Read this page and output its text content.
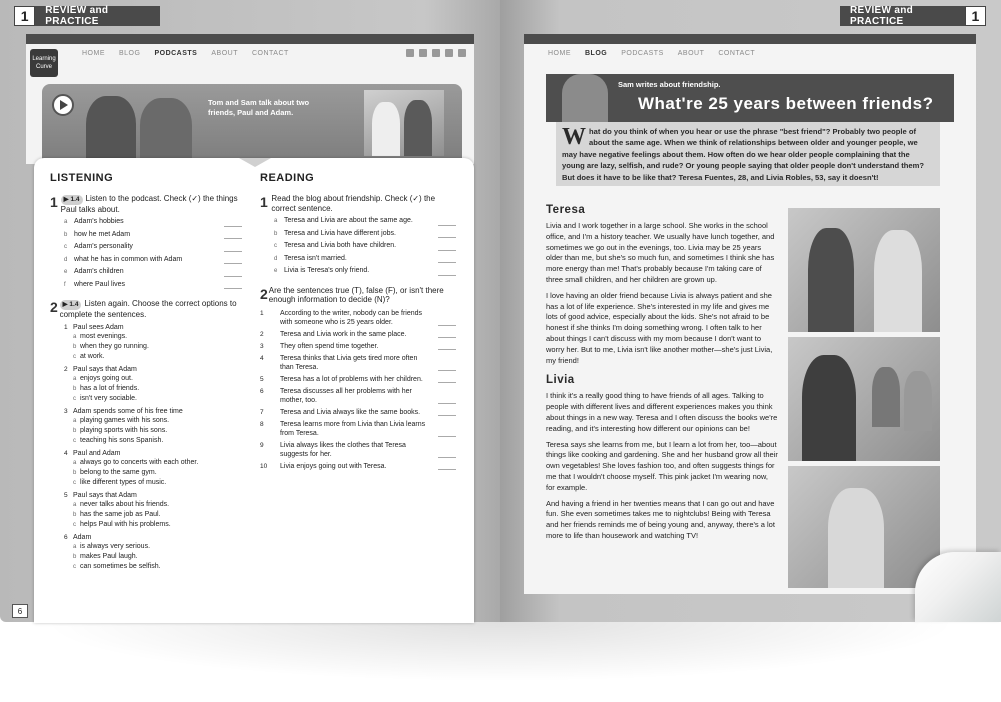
1	REVIEW and PRACTICE
Learning Curve
HOME BLOG PODCASTS ABOUT CONTACT
Tom and Sam talk about two friends, Paul and Adam.
LISTENING
1 ▶ 1.4 Listen to the podcast. Check (✓) the things Paul talks about.
a Adam's hobbies
b how he met Adam
c Adam's personality
d what he has in common with Adam
e Adam's children
f where Paul lives
2 ▶ 1.4 Listen again. Choose the correct options to complete the sentences.
1 Paul sees Adam
a most evenings.
b when they go running.
c at work.
2 Paul says that Adam
a enjoys going out.
b has a lot of friends.
c isn't very sociable.
3 Adam spends some of his free time
a playing games with his sons.
b playing sports with his sons.
c teaching his sons Spanish.
4 Paul and Adam
a always go to concerts with each other.
b belong to the same gym.
c like different types of music.
5 Paul says that Adam
a never talks about his friends.
b has the same job as Paul.
c helps Paul with his problems.
6 Adam
a is always very serious.
b makes Paul laugh.
c can sometimes be selfish.
READING
1 Read the blog about friendship. Check (✓) the correct sentence.
a Teresa and Livia are about the same age.
b Teresa and Livia have different jobs.
c Teresa and Livia both have children.
d Teresa isn't married.
e Livia is Teresa's only friend.
2 Are the sentences true (T), false (F), or isn't there enough information to decide (N)?
1 According to the writer, nobody can be friends with someone who is 25 years older.
2 Teresa and Livia work in the same place.
3 They often spend time together.
4 Teresa thinks that Livia gets tired more often than Teresa.
5 Teresa has a lot of problems with her children.
6 Teresa discusses all her problems with her mother, too.
7 Teresa and Livia always like the same books.
8 Teresa learns more from Livia than Livia learns from Teresa.
9 Livia always likes the clothes that Teresa suggests for her.
10 Livia enjoys going out with Teresa.
6
1
REVIEW and PRACTICE
HOME BLOG PODCASTS ABOUT CONTACT
Sam writes about friendship.
What're 25 years between friends?
W hat do you think of when you hear or use the phrase "best friend"? Probably two people of about the same age. When we think of relationships between older and younger people, we may have negative feelings about them. How often do we hear older people complaining that the young are lazy, selfish, and rude? Or young people saying that older people don't understand them? But does it have to be like that? Teresa Fuentes, 28, and Livia Robles, 53, say it doesn't!
Teresa

Livia and I work together in a large school. She works in the school office, and I'm a history teacher. We usually have lunch together, and sometimes we go out in the evenings, too. Livia may be 25 years older than me, but she's so much fun, and sometimes I think she has more energy than me! That's probably because I'm taking care of three small children, and her children are grown up.

I love having an older friend because Livia is always patient and she has a lot of life experience. She's interested in my life and gives me lots of good advice, especially about the kids. She's not afraid to be honest if she thinks I'm doing something wrong. I often talk to her about things I can't discuss with my mom because I don't want to worry her. But to me, Livia isn't like another mother—she's just Livia, my friend!

Livia

I think it's a really good thing to have friends of all ages. Talking to people with different lives and different experiences makes you think about things in a new way. Teresa and I often discuss the books we're reading, and it's interesting how different our opinions can be!

Teresa says she learns from me, but I learn a lot from her, too—about things like cooking and gardening. She and her husband grow all their own vegetables! She loves fashion too, and often suggests things for me that I wouldn't choose myself. This pink jacket I'm wearing now, for example.

And having a friend in her twenties means that I can go out and have fun. She even sometimes takes me to nightclubs! Being with Teresa and her friends reminds me of being young and, anyway, there's a lot more to life than housework and watching TV!
